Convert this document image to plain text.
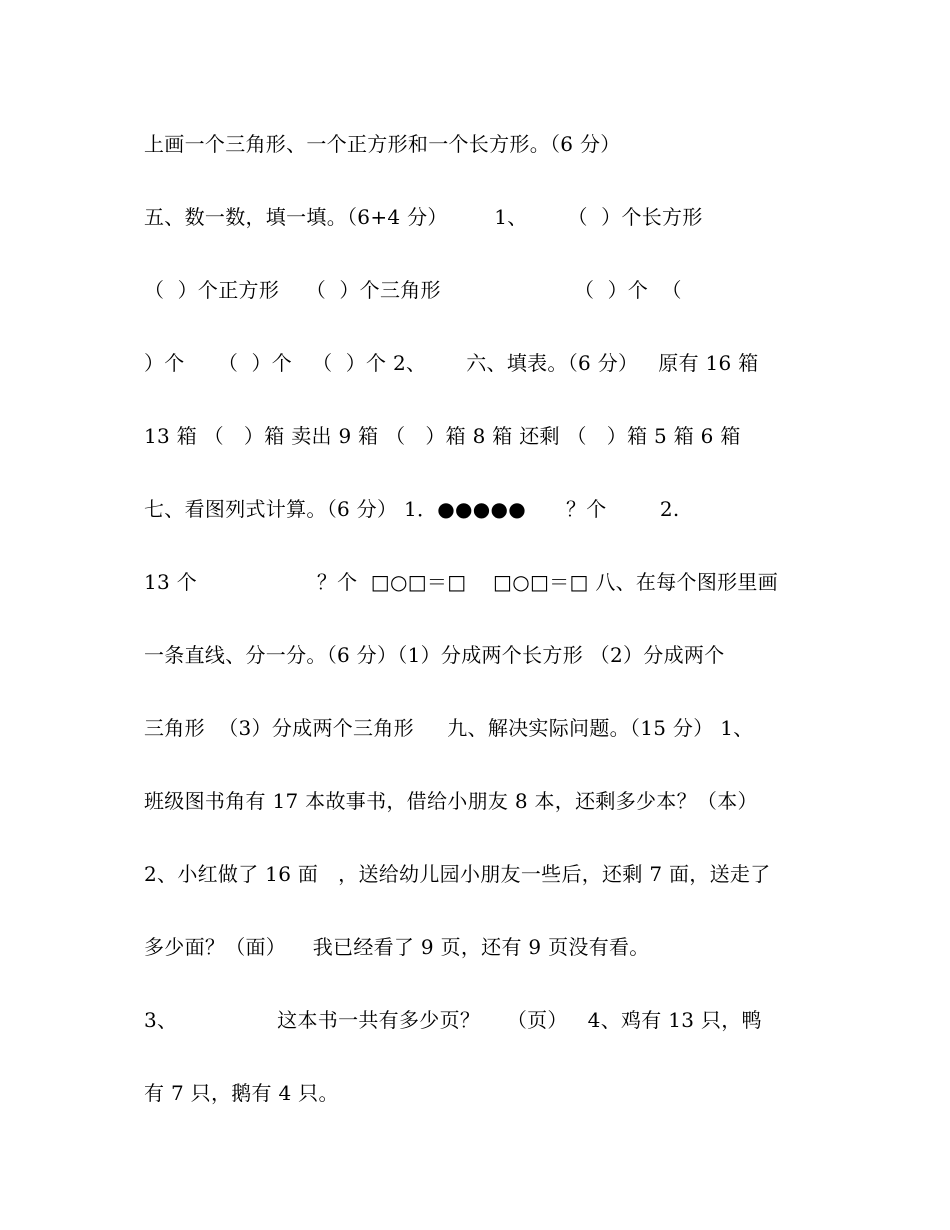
上画一个三角形、一个正方形和一个长方形。（6 分）
五、数一数，填一填。（6+4 分）       1、      （  ）个长方形
（  ）个正方形    （  ）个三角形                    （  ）个  （
）个     （  ）个   （  ）个 2、      六、填表。（6 分）   原有 16 箱
13 箱 （   ）箱 卖出 9 箱 （   ）箱 8 箱 还剩 （   ）箱 5 箱 6 箱
七、看图列式计算。（6 分） 1．●●●●●      ？个        2.
13 个                  ？个  □○□＝□    □○□＝□ 八、在每个图形里画
一条直线、分一分。（6 分）（1）分成两个长方形 （2）分成两个
三角形  （3）分成两个三角形     九、解决实际问题。（15 分） 1、
班级图书角有 17 本故事书，借给小朋友 8 本，还剩多少本？（本）
2、小红做了 16 面   ，送给幼儿园小朋友一些后，还剩 7 面，送走了
多少面？（面）    我已经看了 9 页，还有 9 页没有看。
3、               这本书一共有多少页？    （页）   4、鸡有 13 只，鸭
有 7 只，鹅有 4 只。
